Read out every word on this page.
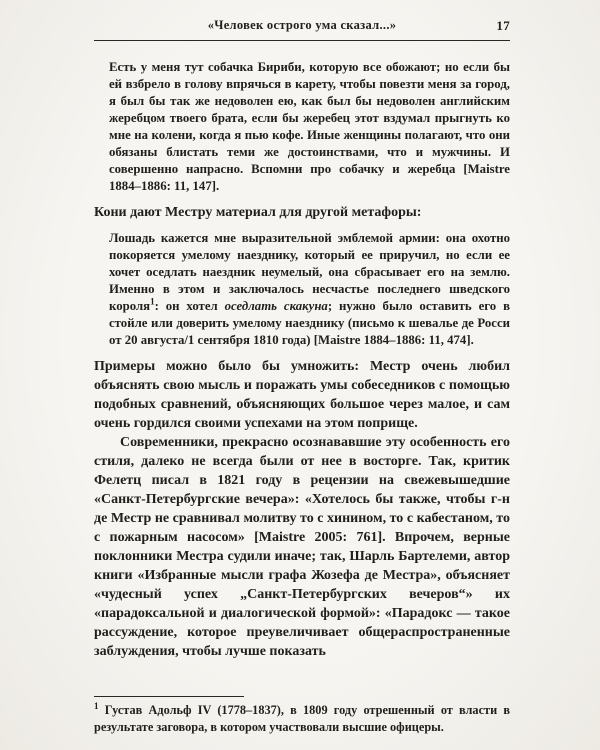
«Человек острого ума сказал...»	17
Есть у меня тут собачка Бириби, которую все обожают; но если бы ей взбрело в голову впрячься в карету, чтобы повезти меня за город, я был бы так же недоволен ею, как был бы недоволен английским жеребцом твоего брата, если бы жеребец этот вздумал прыгнуть ко мне на колени, когда я пью кофе. Иные женщины полагают, что они обязаны блистать теми же достоинствами, что и мужчины. И совершенно напрасно. Вспомни про собачку и жеребца [Maistre 1884–1886: 11, 147].

Кони дают Местру материал для другой метафоры:

Лошадь кажется мне выразительной эмблемой армии: она охотно покоряется умелому наезднику, который ее приручил, но если ее хочет оседлать наездник неумелый, она сбрасывает его на землю. Именно в этом и заключалось несчастье последнего шведского короля$^1$: он хотел оседлать скакуна; нужно было оставить его в стойле или доверить умелому наезднику (письмо к шевалье де Росси от 20 августа/1 сентября 1810 года) [Maistre 1884–1886: 11, 474].

Примеры можно было бы умножить: Местр очень любил объяснять свою мысль и поражать умы собеседников с помощью подобных сравнений, объясняющих большое через малое, и сам очень гордился своими успехами на этом поприще.

Современники, прекрасно осознававшие эту особенность его стиля, далеко не всегда были от нее в восторге. Так, критик Фелетц писал в 1821 году в рецензии на свежевышедшие «Санкт-Петербургские вечера»: «Хотелось бы также, чтобы г-н де Местр не сравнивал молитву то с хинином, то с кабестаном, то с пожарным насосом» [Maistre 2005: 761]. Впрочем, верные поклонники Местра судили иначе; так, Шарль Бартелеми, автор книги «Избранные мысли графа Жозефа де Местра», объясняет «чудесный успех „Санкт-Петербургских вечеров“» их «парадоксальной и диалогической формой»: «Парадокс — такое рассуждение, которое преувеличивает общераспространенные заблуждения, чтобы лучше показать

$^1$ Густав Адольф IV (1778–1837), в 1809 году отрешенный от власти в результате заговора, в котором участвовали высшие офицеры.
